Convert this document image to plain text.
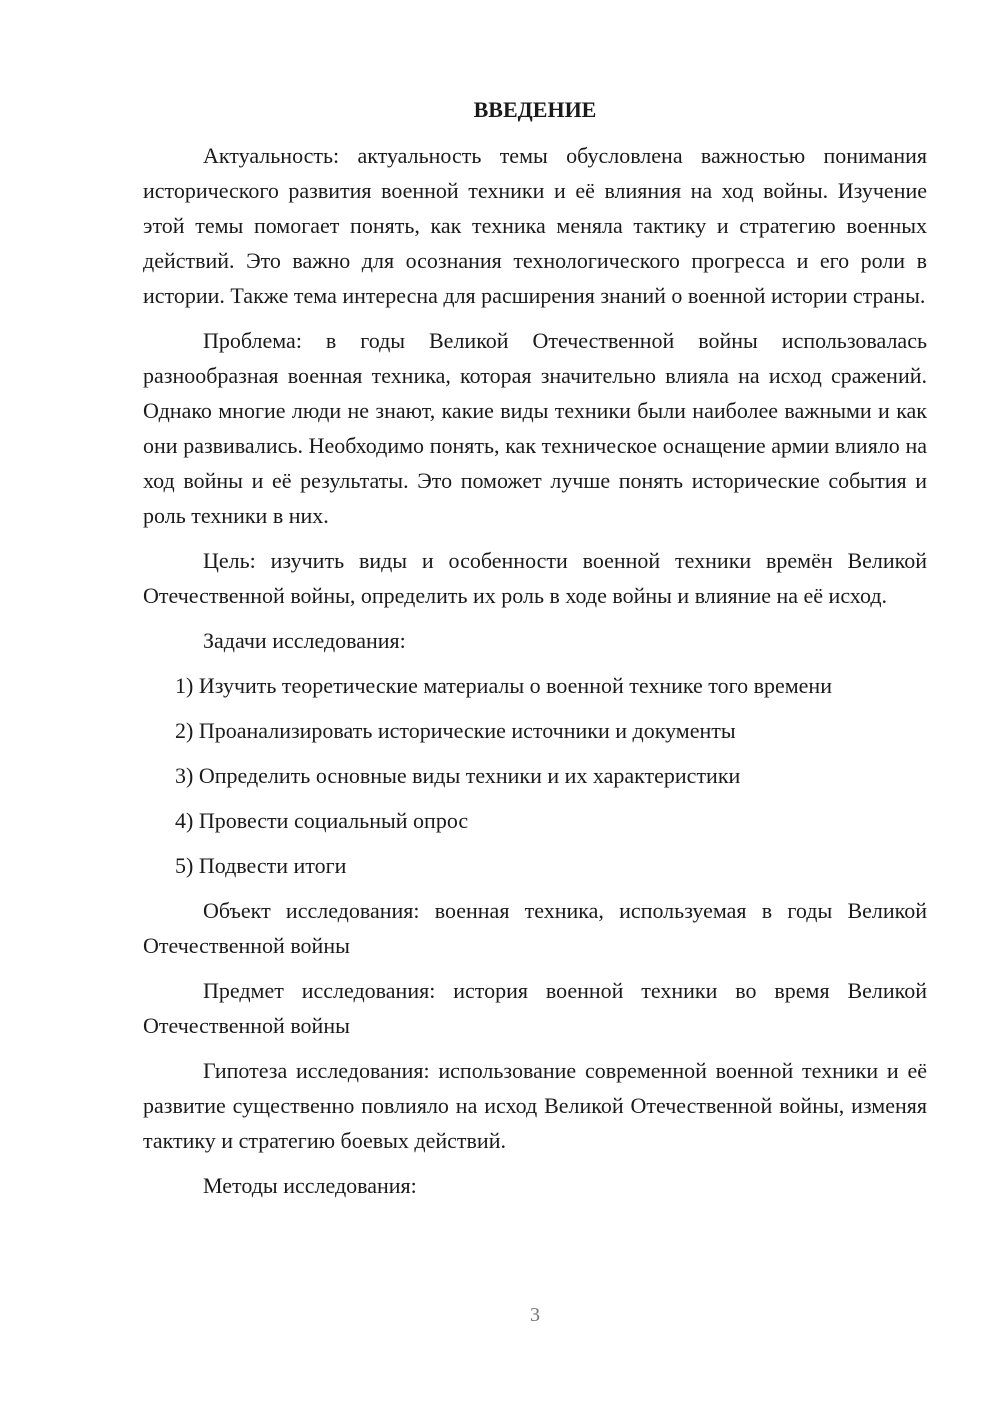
ВВЕДЕНИЕ

Актуальность: актуальность темы обусловлена важностью понимания исторического развития военной техники и её влияния на ход войны. Изучение этой темы помогает понять, как техника меняла тактику и стратегию военных действий. Это важно для осознания технологического прогресса и его роли в истории. Также тема интересна для расширения знаний о военной истории страны.

Проблема: в годы Великой Отечественной войны использовалась разнообразная военная техника, которая значительно влияла на исход сражений. Однако многие люди не знают, какие виды техники были наиболее важными и как они развивались. Необходимо понять, как техническое оснащение армии влияло на ход войны и её результаты. Это поможет лучше понять исторические события и роль техники в них.

Цель: изучить виды и особенности военной техники времён Великой Отечественной войны, определить их роль в ходе войны и влияние на её исход.

Задачи исследования:

1) Изучить теоретические материалы о военной технике того времени
2) Проанализировать исторические источники и документы
3) Определить основные виды техники и их характеристики
4) Провести социальный опрос
5) Подвести итоги

Объект исследования: военная техника, используемая в годы Великой Отечественной войны

Предмет исследования: история военной техники во время Великой Отечественной войны

Гипотеза исследования: использование современной военной техники и её развитие существенно повлияло на исход Великой Отечественной войны, изменяя тактику и стратегию боевых действий.

Методы исследования:

3
